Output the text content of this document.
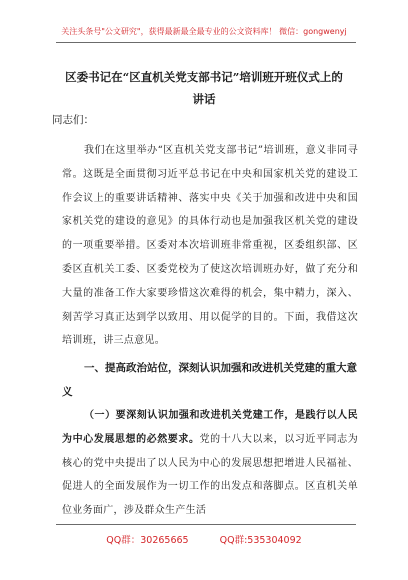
关注头条号"公文研究"，获得最新最全最专业的公文资料库！ 微信：gongwenyj
区委书记在“区直机关党支部书记”培训班开班仪式上的
讲话
同志们：
我们在这里举办“区直机关党支部书记”培训班，意义非同寻常。这既是全面贯彻习近平总书记在中央和国家机关党的建设工作会议上的重要讲话精神、落实中央《关于加强和改进中央和国家机关党的建设的意见》的具体行动也是加强我区机关党的建设的一项重要举措。区委对本次培训班非常重视，区委组织部、区委区直机关工委、区委党校为了使这次培训班办好，做了充分和大量的准备工作大家要珍惜这次难得的机会，集中精力，深入、刻苦学习真正达到学以致用、用以促学的目的。下面，我借这次培训班，讲三点意见。
一、提高政治站位，深刻认识加强和改进机关党建的重大意义
（一）要深刻认识加强和改进机关党建工作，是践行以人民为中心发展思想的必然要求。党的十八大以来，以习近平同志为核心的党中央提出了以人民为中心的发展思想把增进人民福祉、促进人的全面发展作为一切工作的出发点和落脚点。区直机关单位业务面广，涉及群众生产生活
QQ群：30265665	QQ群:535304092
